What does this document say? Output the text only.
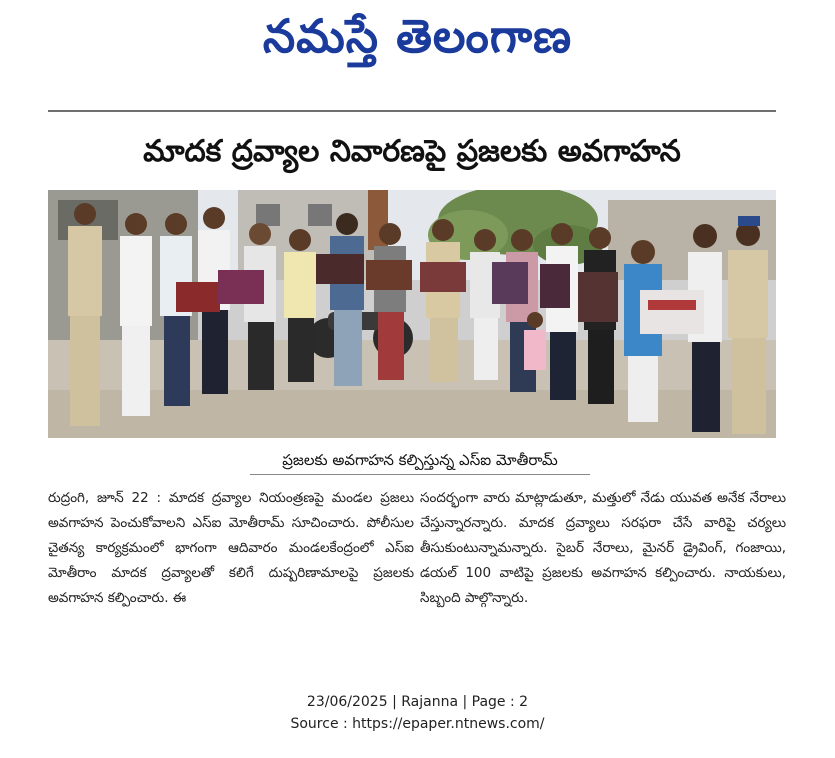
నమస్తే తెలంగాణ
మాదక ద్రవ్యాల నివారణపై ప్రజలకు అవగాహన
ప్రజలకు అవగాహన కల్పిస్తున్న ఎస్ఐ మోతీరామ్
రుద్రంగి, జూన్ 22 : మాదక ద్రవ్యాల నియంత్రణపై మండల ప్రజలు అవగాహన పెంచుకోవాలని ఎస్ఐ మోతీరామ్ సూచించారు. పోలీసుల చైతన్య కార్యక్రమంలో భాగంగా ఆదివారం మండలకేంద్రంలో ఎస్ఐ మోతీరాం మాదక ద్రవ్యాలతో కలిగే దుష్పరిణామాలపై ప్రజలకు అవగాహన కల్పించారు. ఈ
సందర్భంగా వారు మాట్లాడుతూ, మత్తులో నేడు యువత అనేక నేరాలు చేస్తున్నారన్నారు. మాదక ద్రవ్యాలు సరఫరా చేసే వారిపై చర్యలు తీసుకుంటున్నామన్నారు. సైబర్ నేరాలు, మైనర్ డ్రైవింగ్, గంజాయి, డయల్ 100 వాటిపై ప్రజలకు అవగాహన కల్పించారు. నాయకులు, సిబ్బంది పాల్గొన్నారు.
23/06/2025 | Rajanna | Page : 2
Source : https://epaper.ntnews.com/
